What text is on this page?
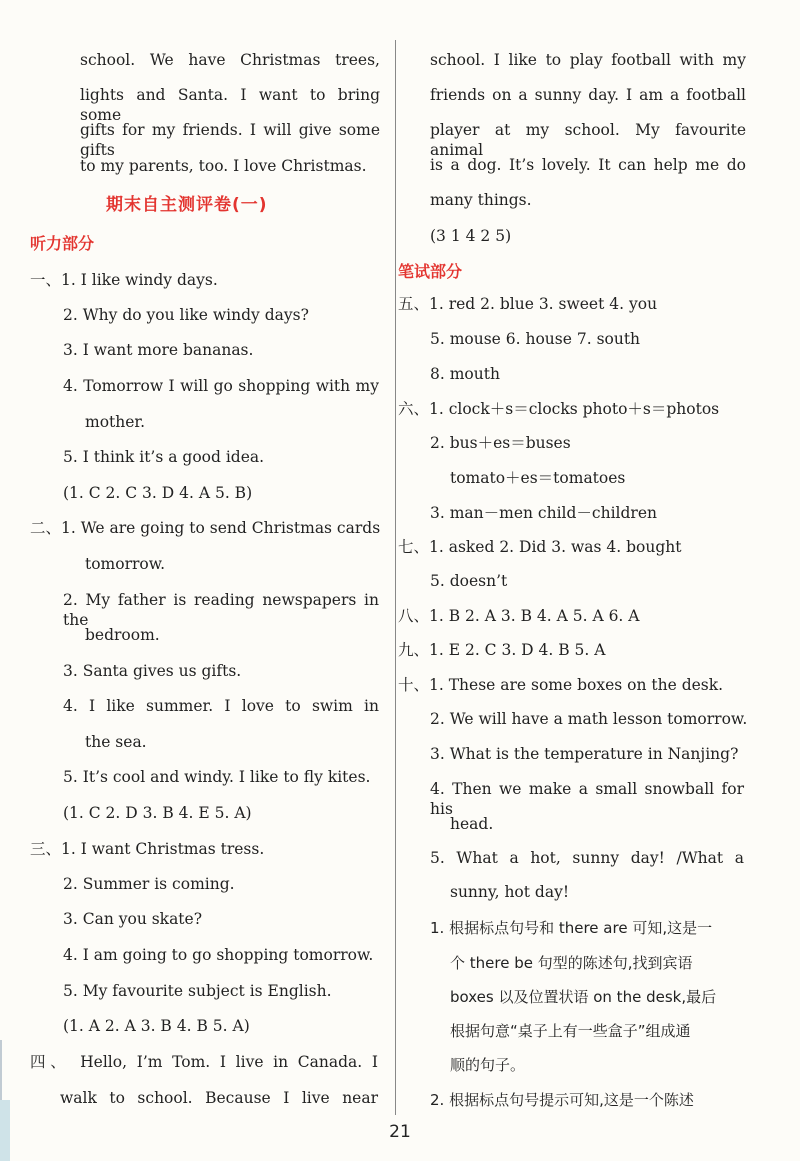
school. We have Christmas trees,
lights and Santa. I want to bring some
gifts for my friends. I will give some gifts
to my parents, too. I love Christmas.
期末自主测评卷(一)
听力部分
一、1. I like windy days.
2. Why do you like windy days?
3. I want more bananas.
4. Tomorrow I will go shopping with my
mother.
5. I think it’s a good idea.
(1. C 2. C 3. D 4. A 5. B)
二、1. We are going to send Christmas cards
tomorrow.
2. My father is reading newspapers in the
bedroom.
3. Santa gives us gifts.
4. I like summer. I love to swim in
the sea.
5. It’s cool and windy. I like to fly kites.
(1. C 2. D 3. B 4. E 5. A)
三、1. I want Christmas tress.
2. Summer is coming.
3. Can you skate?
4. I am going to go shopping tomorrow.
5. My favourite subject is English.
(1. A 2. A 3. B 4. B 5. A)
四、 Hello, I’m Tom. I live in Canada. I
walk to school. Because I live near
school. I like to play football with my
friends on a sunny day. I am a football
player at my school. My favourite animal
is a dog. It’s lovely. It can help me do
many things.
(3 1 4 2 5)
笔试部分
五、1. red 2. blue 3. sweet 4. you
5. mouse 6. house 7. south
8. mouth
六、1. clock＋s＝clocks photo＋s＝photos
2. bus＋es＝buses
tomato＋es＝tomatoes
3. man－men child－children
七、1. asked 2. Did 3. was 4. bought
5. doesn’t
八、1. B 2. A 3. B 4. A 5. A 6. A
九、1. E 2. C 3. D 4. B 5. A
十、1. These are some boxes on the desk.
2. We will have a math lesson tomorrow.
3. What is the temperature in Nanjing?
4. Then we make a small snowball for his
head.
5. What a hot, sunny day! /What a
sunny, hot day!
1. 根据标点句号和 there are 可知,这是一
个 there be 句型的陈述句,找到宾语
boxes 以及位置状语 on the desk,最后
根据句意“桌子上有一些盒子”组成通
顺的句子。
2. 根据标点句号提示可知,这是一个陈述
21
